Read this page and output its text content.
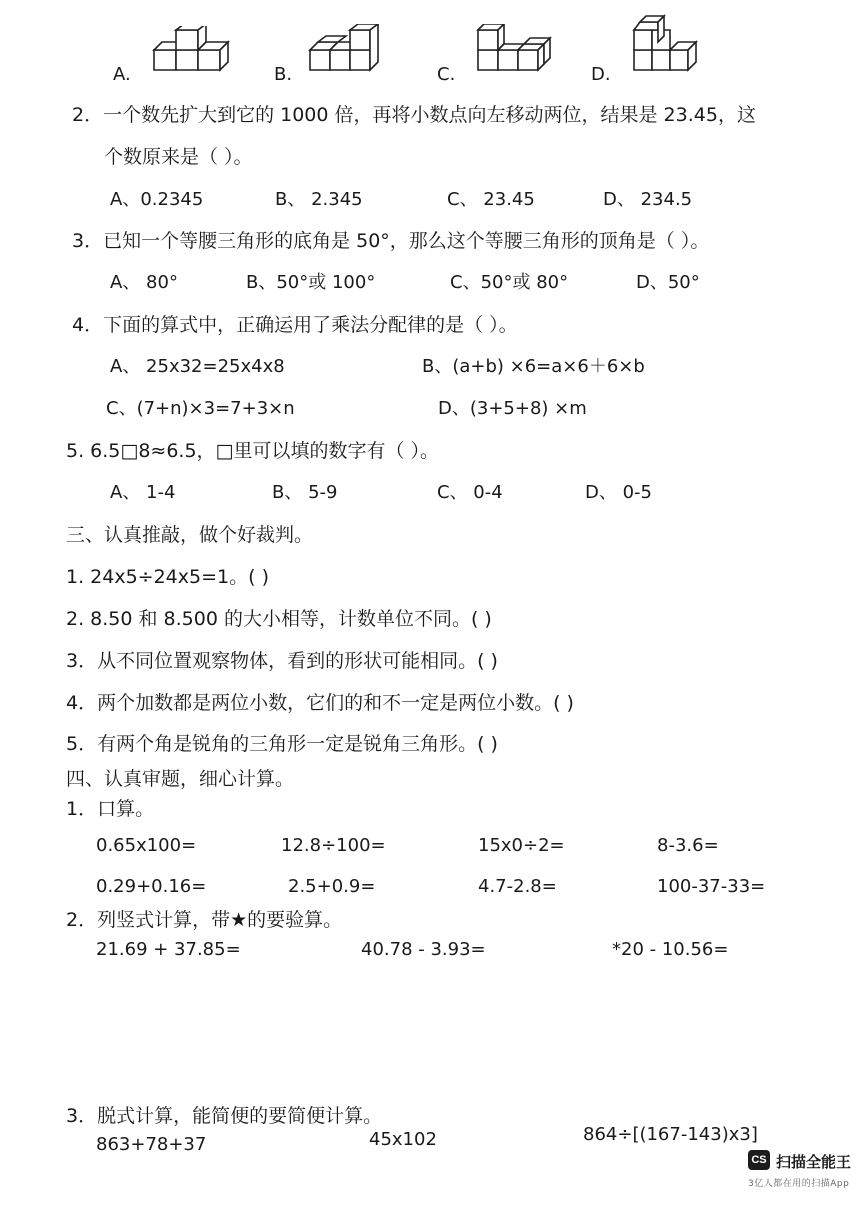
A.	B.	C.	D.
2．一个数先扩大到它的 1000 倍，再将小数点向左移动两位，结果是 23.45，这
个数原来是（ ）。
A、0.2345	B、 2.345	C、 23.45	D、 234.5
3．已知一个等腰三角形的底角是 50°，那么这个等腰三角形的顶角是（ ）。
A、 80°	B、50°或 100°	C、50°或 80°	D、50°
4．下面的算式中，正确运用了乘法分配律的是（ ）。
A、 25x32=25x4x8	B、(a+b) ×6=a×6＋6×b
C、(7+n)×3=7+3×n	D、(3+5+8) ×m
5. 6.5□8≈6.5，□里可以填的数字有（ ）。
A、 1-4	B、 5-9	C、 0-4	D、 0-5
三、认真推敲，做个好裁判。
1. 24x5÷24x5=1。( )
2. 8.50 和 8.500 的大小相等，计数单位不同。( )
3．从不同位置观察物体，看到的形状可能相同。( )
4．两个加数都是两位小数，它们的和不一定是两位小数。( )
5．有两个角是锐角的三角形一定是锐角三角形。( )
四、认真审题，细心计算。
1．口算。
0.65x100=	12.8÷100=	15x0÷2=	8-3.6=
0.29+0.16=	2.5+0.9=	4.7-2.8=	100-37-33=
2．列竖式计算，带★的要验算。
21.69 + 37.85=	40.78 - 3.93=	*20 - 10.56=
3．脱式计算，能简便的要简便计算。
863+78+37	45x102	864÷[(167-143)x3]
CS 扫描全能王
3亿人都在用的扫描App
